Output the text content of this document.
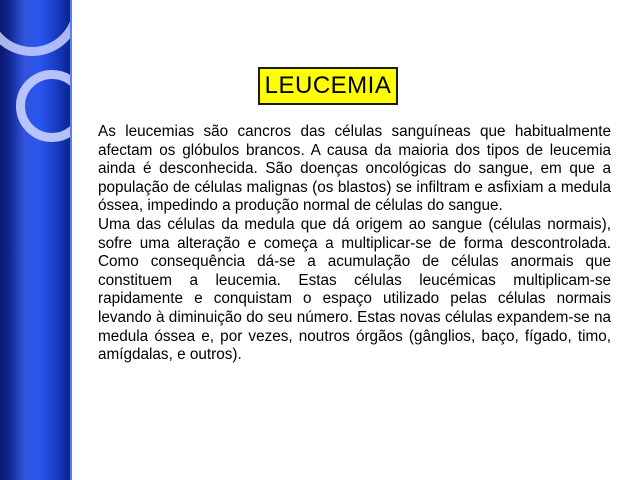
LEUCEMIA

As leucemias são cancros das células sanguíneas que habitualmente afectam os glóbulos brancos. A causa da maioria dos tipos de leucemia ainda é desconhecida. São doenças oncológicas do sangue, em que a população de células malignas (os blastos) se infiltram e asfixiam a medula óssea, impedindo a produção normal de células do sangue.

Uma das células da medula que dá origem ao sangue (células normais), sofre uma alteração e começa a multiplicar-se de forma descontrolada. Como consequência dá-se a acumulação de células anormais que constituem a leucemia. Estas células leucémicas multiplicam-se rapidamente e conquistam o espaço utilizado pelas células normais levando à diminuição do seu número. Estas novas células expandem-se na medula óssea e, por vezes, noutros órgãos (gânglios, baço, fígado, timo, amígdalas, e outros).
